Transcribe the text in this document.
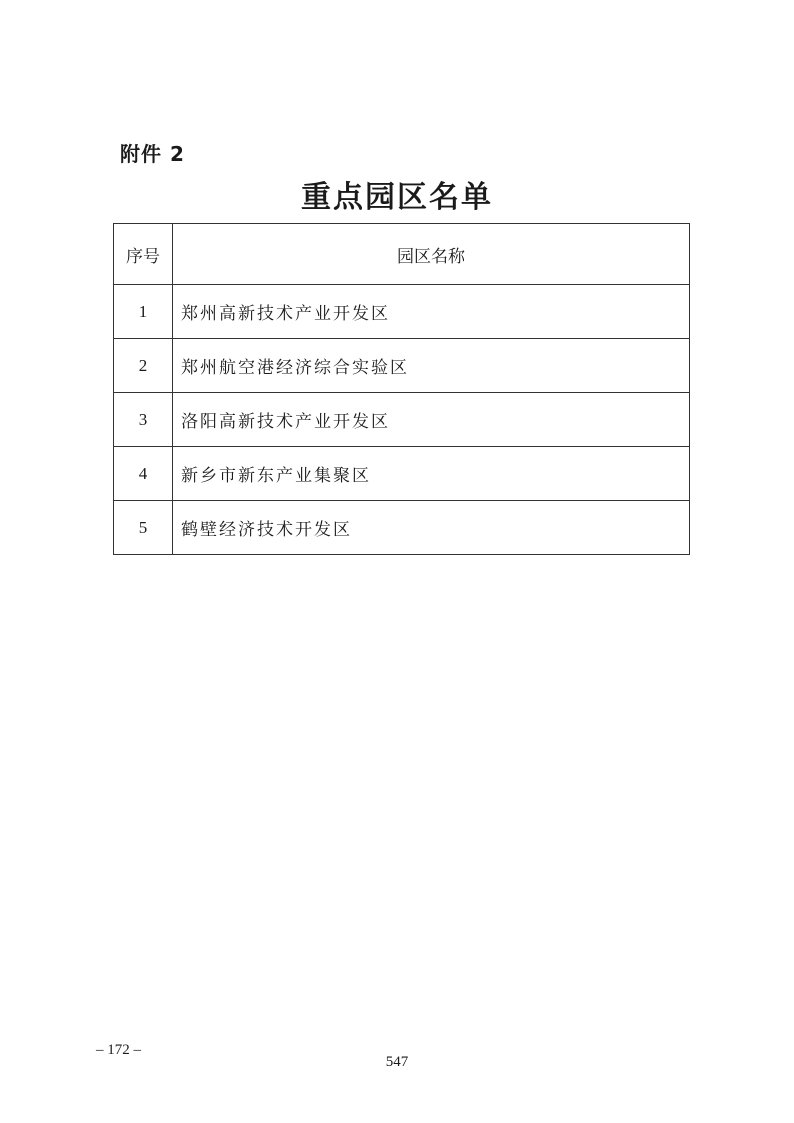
附件 2
重点园区名单
序号	园区名称
1	郑州高新技术产业开发区
2	郑州航空港经济综合实验区
3	洛阳高新技术产业开发区
4	新乡市新东产业集聚区
5	鹤壁经济技术开发区
– 172 –
547
